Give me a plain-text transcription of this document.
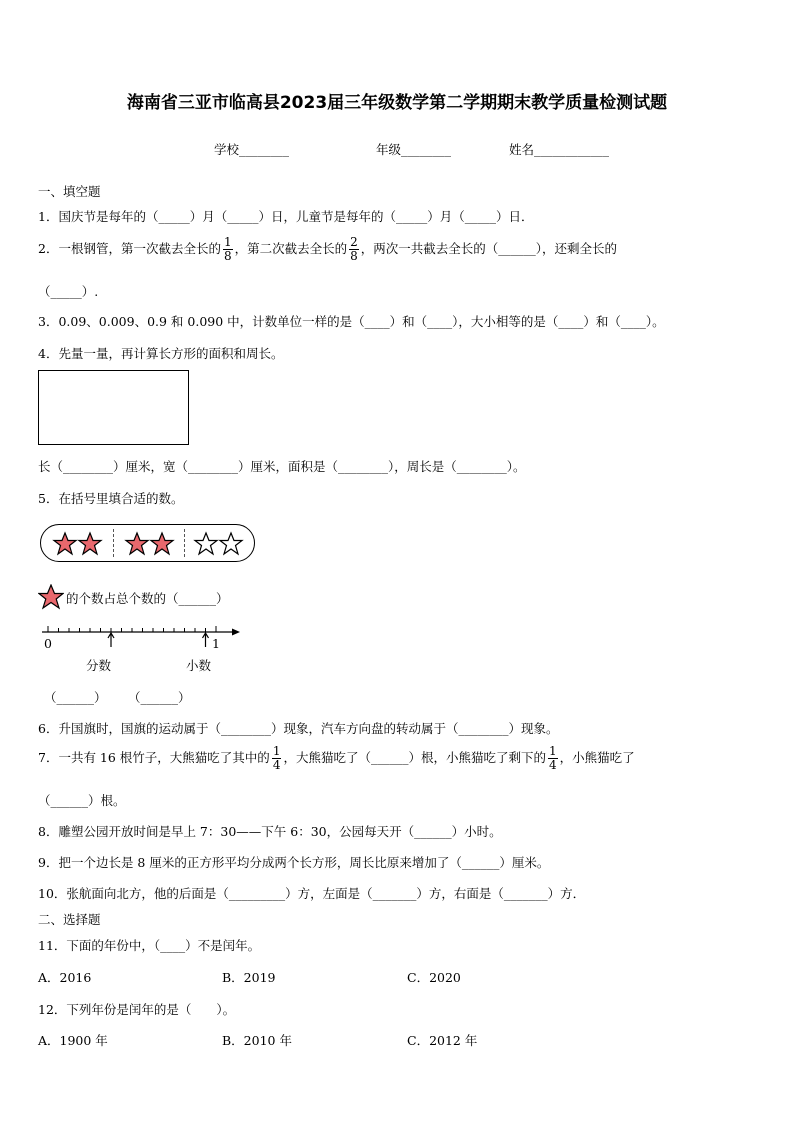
海南省三亚市临高县2023届三年级数学第二学期期末教学质量检测试题
学校________	年级________	姓名____________
一、填空题
1．国庆节是每年的（_____）月（_____）日，儿童节是每年的（_____）月（_____）日．
2．一根钢管，第一次截去全长的 $\frac{1}{8}$ ，第二次截去全长的 $\frac{2}{8}$ ，两次一共截去全长的（______），还剩全长的
（_____）.
3．0.09、0.009、0.9 和 0.090 中，计数单位一样的是（____）和（____），大小相等的是（____）和（____）。
4．先量一量，再计算长方形的面积和周长。
长（________）厘米，宽（________）厘米，面积是（________），周长是（________）。
5．在括号里填合适的数。
的个数占总个数的（______）
0	1
分数	小数
（______） （______）
6．升国旗时，国旗的运动属于（________）现象，汽车方向盘的转动属于（________）现象。
7．一共有 16 根竹子，大熊猫吃了其中的 $\frac{1}{4}$ ，大熊猫吃了（______）根，小熊猫吃了剩下的 $\frac{1}{4}$ ，小熊猫吃了
（______）根。
8．雕塑公园开放时间是早上 7：30——下午 6：30，公园每天开（______）小时。
9．把一个边长是 8 厘米的正方形平均分成两个长方形，周长比原来增加了（______）厘米。
10．张航面向北方，他的后面是（_________）方，左面是（_______）方，右面是（_______）方．
二、选择题
11．下面的年份中，（____）不是闰年。
A．2016	B．2019	C．2020
12．下列年份是闰年的是（　　）。
A．1900 年	B．2010 年	C．2012 年
